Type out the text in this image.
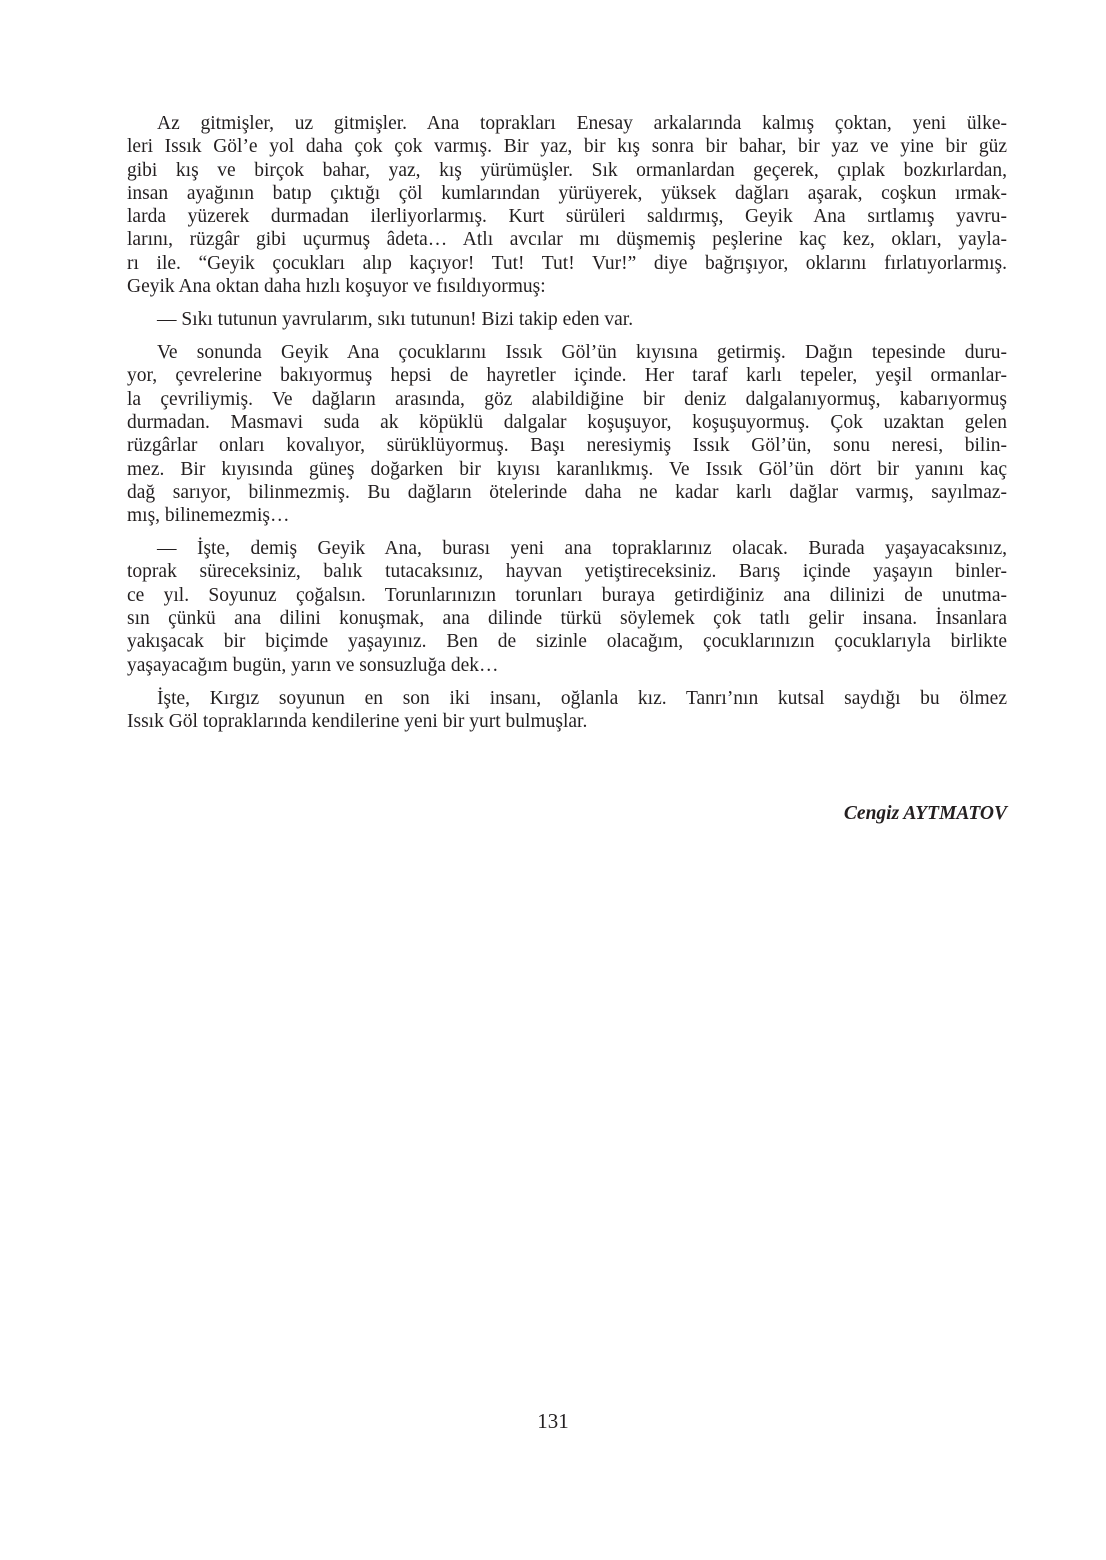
Az gitmişler, uz gitmişler. Ana toprakları Enesay arkalarında kalmış çoktan, yeni ülke-
leri Issık Göl’e yol daha çok çok varmış. Bir yaz, bir kış sonra bir bahar, bir yaz ve yine bir güz
gibi kış ve birçok bahar, yaz, kış yürümüşler. Sık ormanlardan geçerek, çıplak bozkırlardan,
insan ayağının batıp çıktığı çöl kumlarından yürüyerek, yüksek dağları aşarak, coşkun ırmak-
larda yüzerek durmadan ilerliyorlarmış. Kurt sürüleri saldırmış, Geyik Ana sırtlamış yavru-
larını, rüzgâr gibi uçurmuş âdeta… Atlı avcılar mı düşmemiş peşlerine kaç kez, okları, yayla-
rı ile. “Geyik çocukları alıp kaçıyor! Tut! Tut! Vur!” diye bağrışıyor, oklarını fırlatıyorlarmış.
Geyik Ana oktan daha hızlı koşuyor ve fısıldıyormuş:
— Sıkı tutunun yavrularım, sıkı tutunun! Bizi takip eden var.
Ve sonunda Geyik Ana çocuklarını Issık Göl’ün kıyısına getirmiş. Dağın tepesinde duru-
yor, çevrelerine bakıyormuş hepsi de hayretler içinde. Her taraf karlı tepeler, yeşil ormanlar-
la çevriliymiş. Ve dağların arasında, göz alabildiğine bir deniz dalgalanıyormuş, kabarıyormuş
durmadan. Masmavi suda ak köpüklü dalgalar koşuşuyor, koşuşuyormuş. Çok uzaktan gelen
rüzgârlar onları kovalıyor, sürüklüyormuş. Başı neresiymiş Issık Göl’ün, sonu neresi, bilin-
mez. Bir kıyısında güneş doğarken bir kıyısı karanlıkmış. Ve Issık Göl’ün dört bir yanını kaç
dağ sarıyor, bilinmezmiş. Bu dağların ötelerinde daha ne kadar karlı dağlar varmış, sayılmaz-
mış, bilinemezmiş…
— İşte, demiş Geyik Ana, burası yeni ana topraklarınız olacak. Burada yaşayacaksınız,
toprak süreceksiniz, balık tutacaksınız, hayvan yetiştireceksiniz. Barış içinde yaşayın binler-
ce yıl. Soyunuz çoğalsın. Torunlarınızın torunları buraya getirdiğiniz ana dilinizi de unutma-
sın çünkü ana dilini konuşmak, ana dilinde türkü söylemek çok tatlı gelir insana. İnsanlara
yakışacak bir biçimde yaşayınız. Ben de sizinle olacağım, çocuklarınızın çocuklarıyla birlikte
yaşayacağım bugün, yarın ve sonsuzluğa dek…
İşte, Kırgız soyunun en son iki insanı, oğlanla kız. Tanrı’nın kutsal saydığı bu ölmez
Issık Göl topraklarında kendilerine yeni bir yurt bulmuşlar.
Cengiz AYTMATOV
131
